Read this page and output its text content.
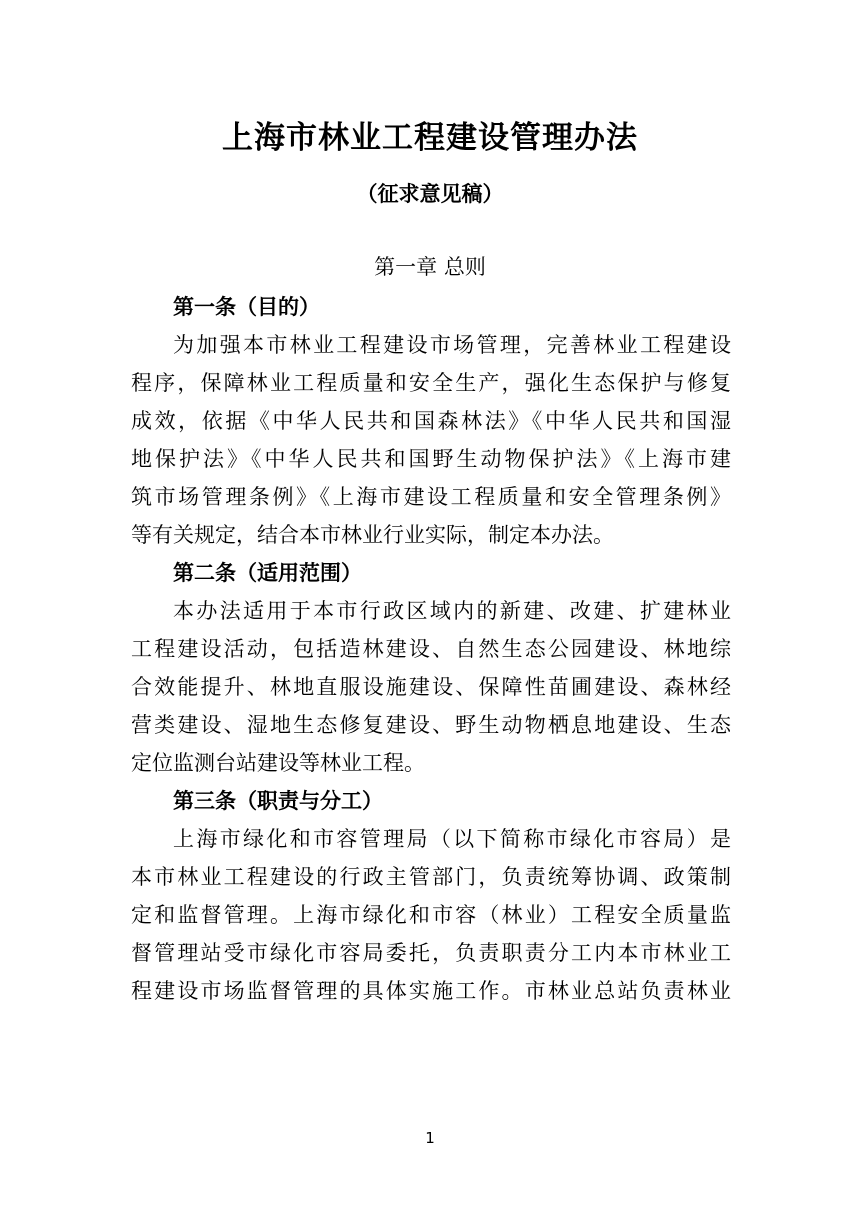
上海市林业工程建设管理办法
（征求意见稿）
第一章 总则
第一条（目的）
为加强本市林业工程建设市场管理，完善林业工程建设
程序，保障林业工程质量和安全生产，强化生态保护与修复
成效，依据《中华人民共和国森林法》《中华人民共和国湿
地保护法》《中华人民共和国野生动物保护法》《上海市建
筑市场管理条例》《上海市建设工程质量和安全管理条例》
等有关规定，结合本市林业行业实际，制定本办法。
第二条（适用范围）
本办法适用于本市行政区域内的新建、改建、扩建林业
工程建设活动，包括造林建设、自然生态公园建设、林地综
合效能提升、林地直服设施建设、保障性苗圃建设、森林经
营类建设、湿地生态修复建设、野生动物栖息地建设、生态
定位监测台站建设等林业工程。
第三条（职责与分工）
上海市绿化和市容管理局（以下简称市绿化市容局）是
本市林业工程建设的行政主管部门，负责统筹协调、政策制
定和监督管理。上海市绿化和市容（林业）工程安全质量监
督管理站受市绿化市容局委托，负责职责分工内本市林业工
程建设市场监督管理的具体实施工作。市林业总站负责林业
1
